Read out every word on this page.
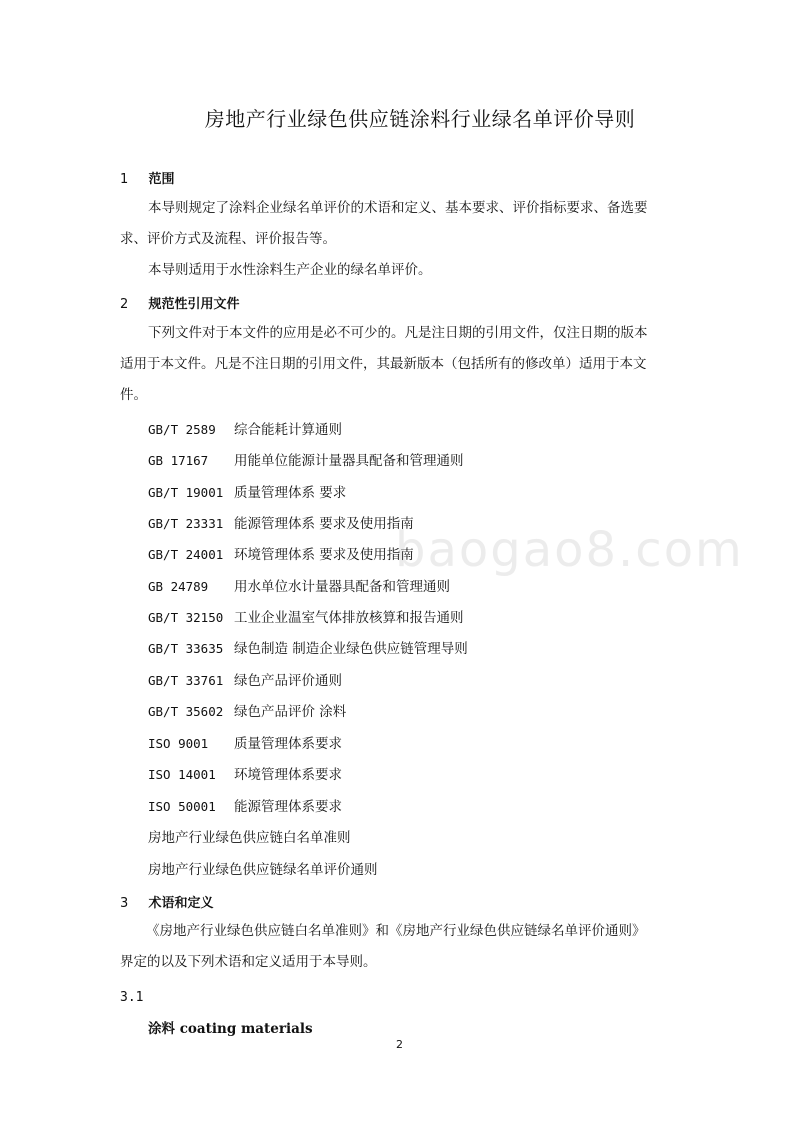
房地产行业绿色供应链涂料行业绿名单评价导则
1 范围
本导则规定了涂料企业绿名单评价的术语和定义、基本要求、评价指标要求、备选要
求、评价方式及流程、评价报告等。
本导则适用于水性涂料生产企业的绿名单评价。
2 规范性引用文件
下列文件对于本文件的应用是必不可少的。凡是注日期的引用文件，仅注日期的版本
适用于本文件。凡是不注日期的引用文件，其最新版本（包括所有的修改单）适用于本文
件。
GB/T 2589 综合能耗计算通则
GB 17167 用能单位能源计量器具配备和管理通则
GB/T 19001 质量管理体系 要求
GB/T 23331 能源管理体系 要求及使用指南
GB/T 24001 环境管理体系 要求及使用指南
GB 24789 用水单位水计量器具配备和管理通则
GB/T 32150 工业企业温室气体排放核算和报告通则
GB/T 33635 绿色制造 制造企业绿色供应链管理导则
GB/T 33761 绿色产品评价通则
GB/T 35602 绿色产品评价 涂料
ISO 9001 质量管理体系要求
ISO 14001 环境管理体系要求
ISO 50001 能源管理体系要求
房地产行业绿色供应链白名单准则
房地产行业绿色供应链绿名单评价通则
baogao8.com
3 术语和定义
《房地产行业绿色供应链白名单准则》和《房地产行业绿色供应链绿名单评价通则》
界定的以及下列术语和定义适用于本导则。
3.1
涂料 coating materials
2
